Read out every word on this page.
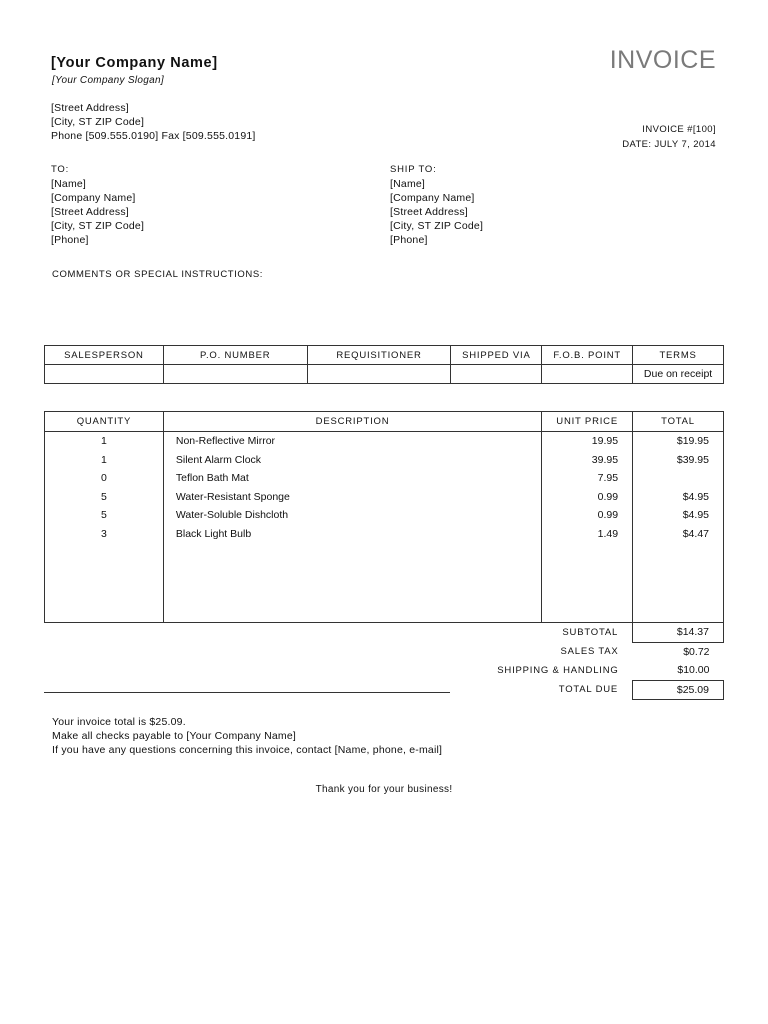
[Your Company Name]
[Your Company Slogan]
INVOICE
[Street Address]
[City, ST ZIP Code]
Phone [509.555.0190] Fax [509.555.0191]
INVOICE #[100]
DATE: JULY 7, 2014
TO:
[Name]
[Company Name]
[Street Address]
[City, ST ZIP Code]
[Phone]
SHIP TO:
[Name]
[Company Name]
[Street Address]
[City, ST ZIP Code]
[Phone]
COMMENTS OR SPECIAL INSTRUCTIONS:
SALESPERSON	P.O. NUMBER	REQUISITIONER	SHIPPED VIA	F.O.B. POINT	TERMS
					Due on receipt
QUANTITY	DESCRIPTION	UNIT PRICE	TOTAL
1	Non-Reflective Mirror	19.95	$19.95
1	Silent Alarm Clock	39.95	$39.95
0	Teflon Bath Mat	7.95	
5	Water-Resistant Sponge	0.99	$4.95
5	Water-Soluble Dishcloth	0.99	$4.95
3	Black Light Bulb	1.49	$4.47

SUBTOTAL			$14.37
SALES TAX			$0.72
SHIPPING & HANDLING			$10.00
TOTAL DUE			$25.09
Your invoice total is $25.09.
Make all checks payable to [Your Company Name]
If you have any questions concerning this invoice, contact [Name, phone, e-mail]
Thank you for your business!
